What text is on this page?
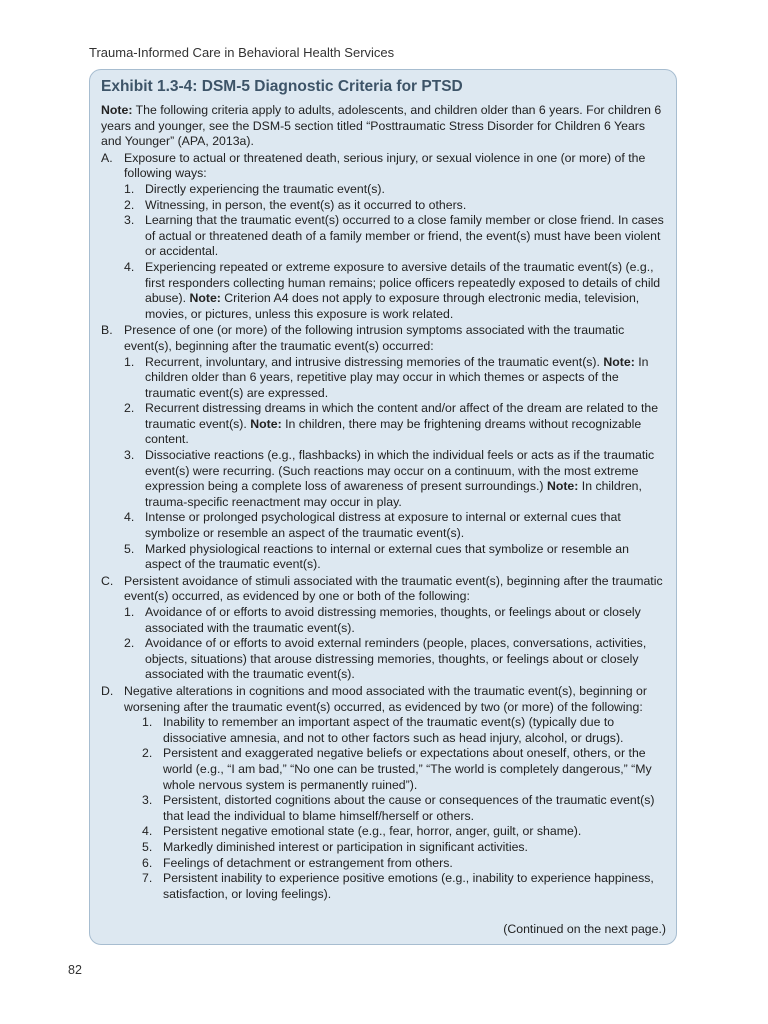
Trauma-Informed Care in Behavioral Health Services
Exhibit 1.3-4: DSM-5 Diagnostic Criteria for PTSD
Note: The following criteria apply to adults, adolescents, and children older than 6 years. For children 6 years and younger, see the DSM-5 section titled “Posttraumatic Stress Disorder for Children 6 Years and Younger” (APA, 2013a).
A. Exposure to actual or threatened death, serious injury, or sexual violence in one (or more) of the following ways:
1. Directly experiencing the traumatic event(s).
2. Witnessing, in person, the event(s) as it occurred to others.
3. Learning that the traumatic event(s) occurred to a close family member or close friend. In cases of actual or threatened death of a family member or friend, the event(s) must have been violent or accidental.
4. Experiencing repeated or extreme exposure to aversive details of the traumatic event(s) (e.g., first responders collecting human remains; police officers repeatedly exposed to details of child abuse). Note: Criterion A4 does not apply to exposure through electronic media, television, movies, or pictures, unless this exposure is work related.
B. Presence of one (or more) of the following intrusion symptoms associated with the traumatic event(s), beginning after the traumatic event(s) occurred:
1. Recurrent, involuntary, and intrusive distressing memories of the traumatic event(s). Note: In children older than 6 years, repetitive play may occur in which themes or aspects of the traumatic event(s) are expressed.
2. Recurrent distressing dreams in which the content and/or affect of the dream are related to the traumatic event(s). Note: In children, there may be frightening dreams without recognizable content.
3. Dissociative reactions (e.g., flashbacks) in which the individual feels or acts as if the traumatic event(s) were recurring. (Such reactions may occur on a continuum, with the most extreme expression being a complete loss of awareness of present surroundings.) Note: In children, trauma-specific reenactment may occur in play.
4. Intense or prolonged psychological distress at exposure to internal or external cues that symbolize or resemble an aspect of the traumatic event(s).
5. Marked physiological reactions to internal or external cues that symbolize or resemble an aspect of the traumatic event(s).
C. Persistent avoidance of stimuli associated with the traumatic event(s), beginning after the traumatic event(s) occurred, as evidenced by one or both of the following:
1. Avoidance of or efforts to avoid distressing memories, thoughts, or feelings about or closely associated with the traumatic event(s).
2. Avoidance of or efforts to avoid external reminders (people, places, conversations, activities, objects, situations) that arouse distressing memories, thoughts, or feelings about or closely associated with the traumatic event(s).
D. Negative alterations in cognitions and mood associated with the traumatic event(s), beginning or worsening after the traumatic event(s) occurred, as evidenced by two (or more) of the following:
1. Inability to remember an important aspect of the traumatic event(s) (typically due to dissociative amnesia, and not to other factors such as head injury, alcohol, or drugs).
2. Persistent and exaggerated negative beliefs or expectations about oneself, others, or the world (e.g., “I am bad,” “No one can be trusted,” “The world is completely dangerous,” “My whole nervous system is permanently ruined”).
3. Persistent, distorted cognitions about the cause or consequences of the traumatic event(s) that lead the individual to blame himself/herself or others.
4. Persistent negative emotional state (e.g., fear, horror, anger, guilt, or shame).
5. Markedly diminished interest or participation in significant activities.
6. Feelings of detachment or estrangement from others.
7. Persistent inability to experience positive emotions (e.g., inability to experience happiness, satisfaction, or loving feelings).
(Continued on the next page.)
82
